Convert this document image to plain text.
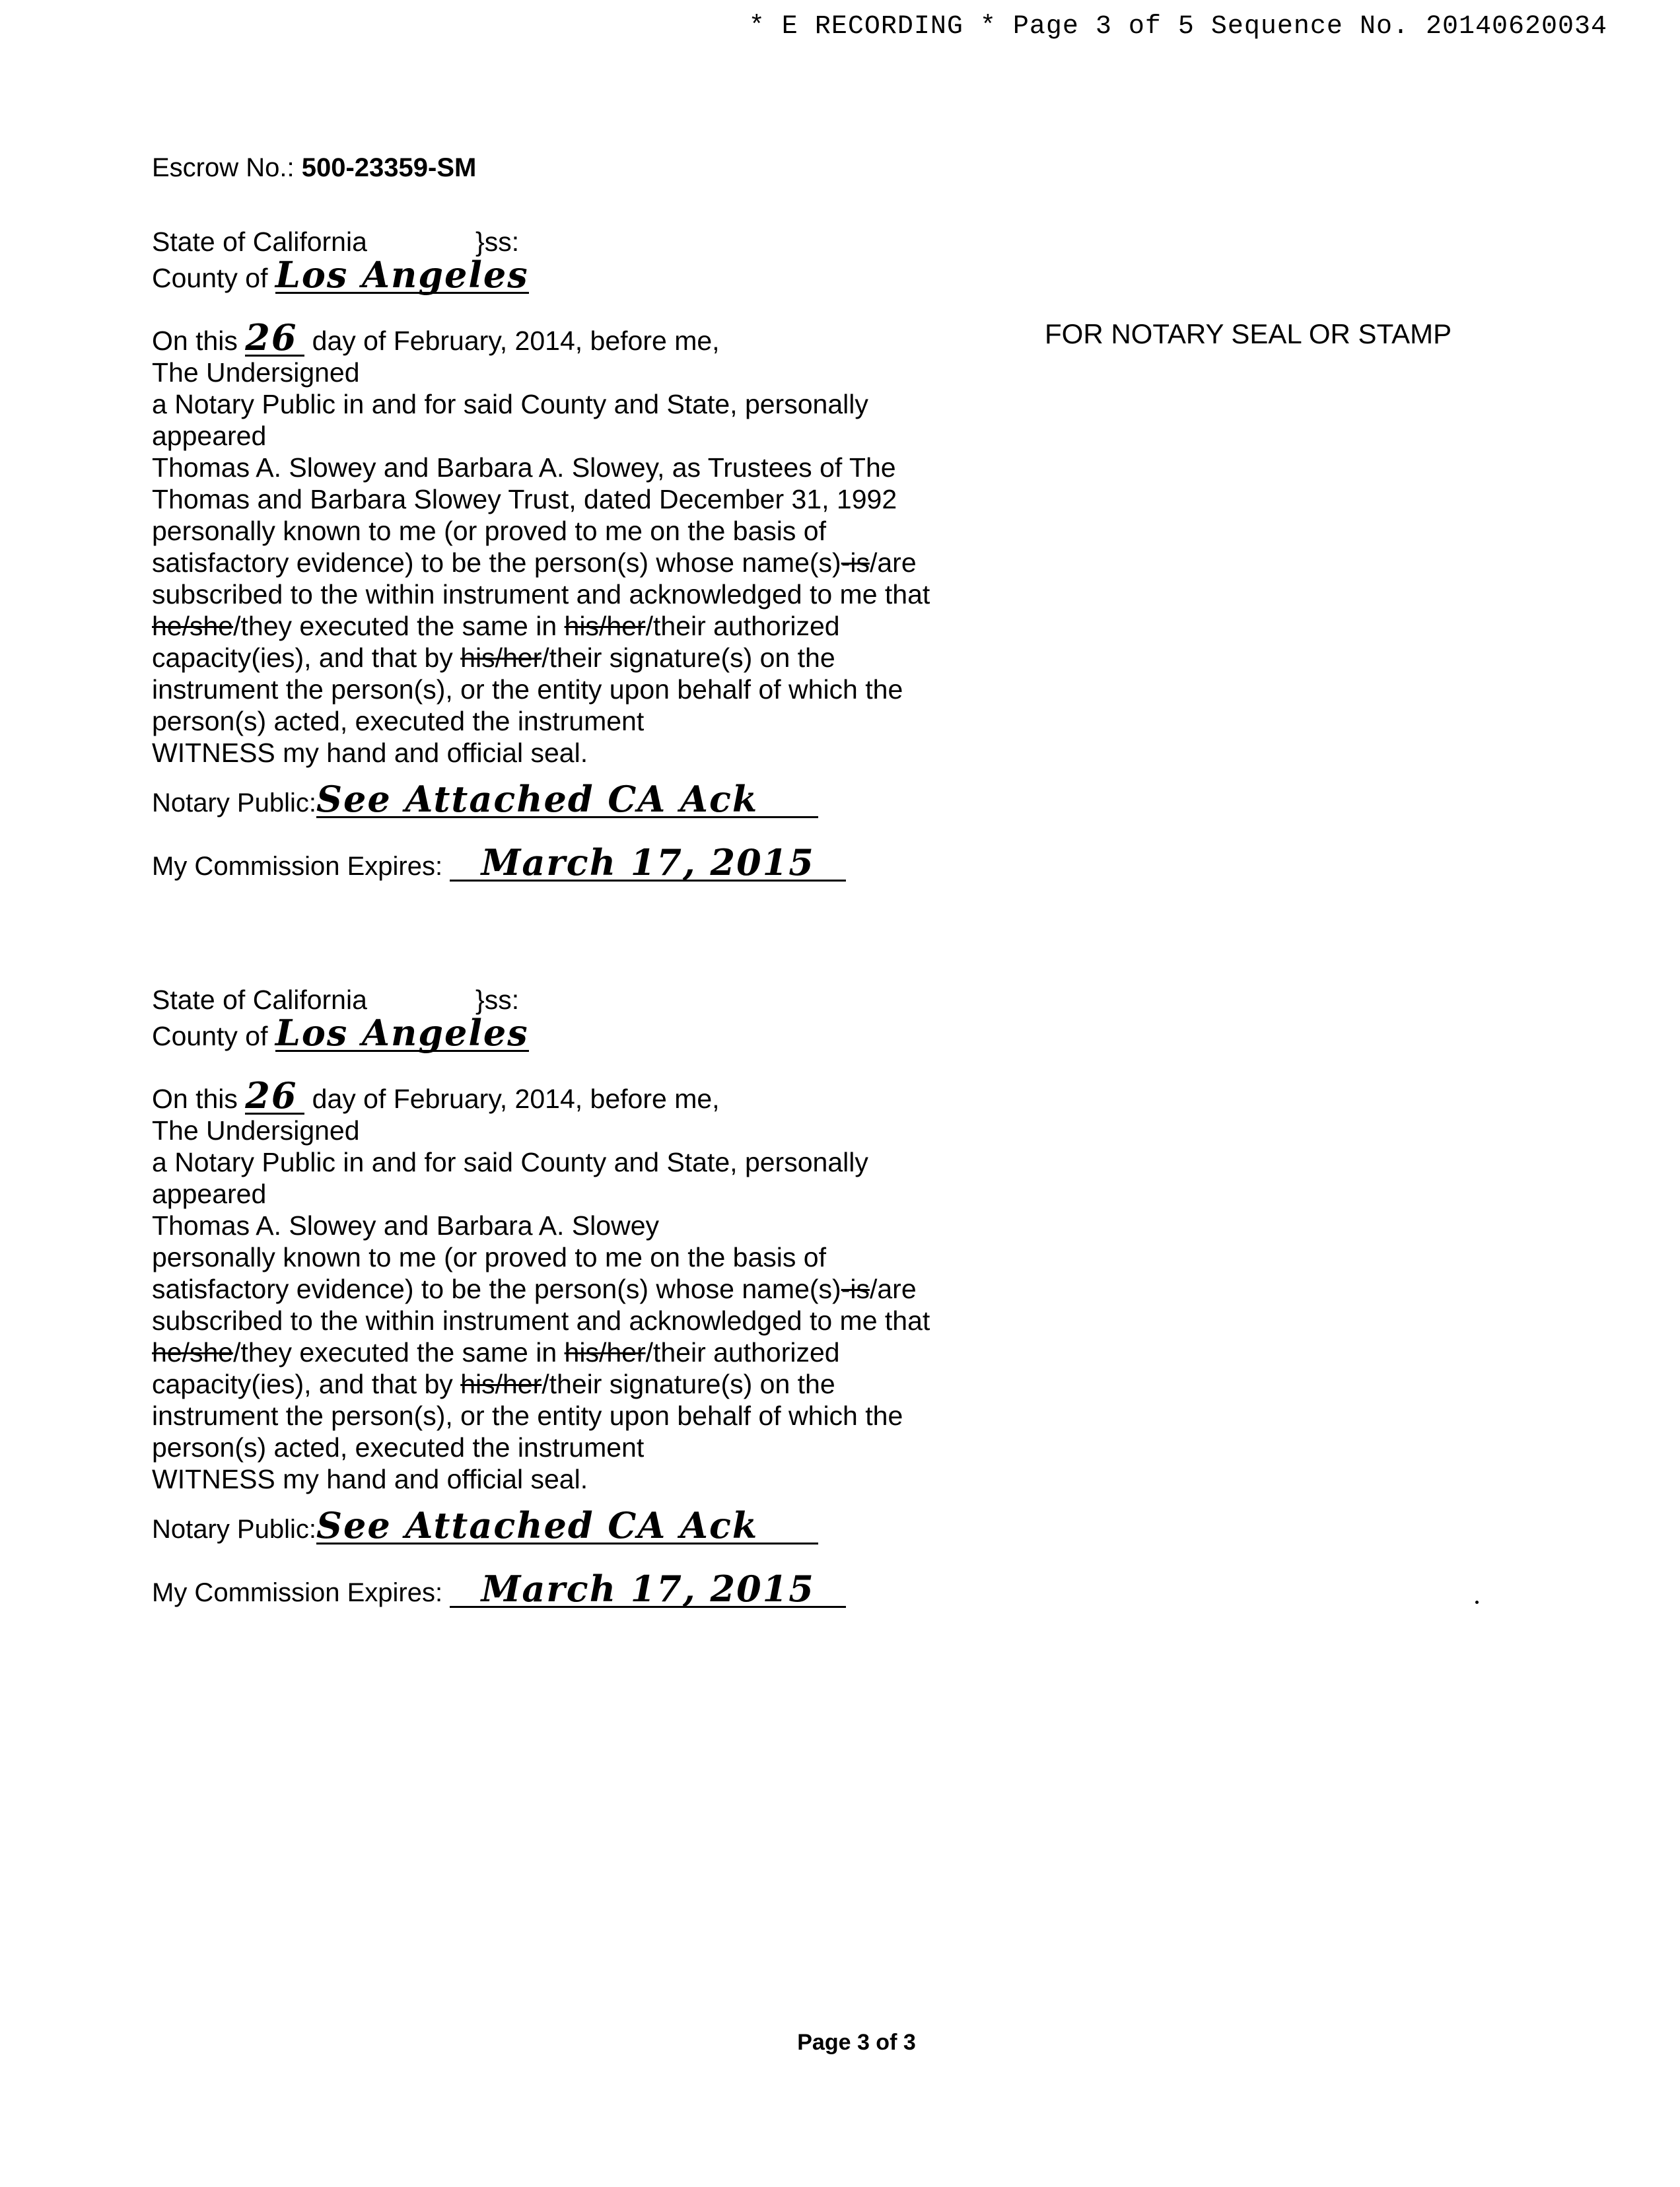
* E RECORDING * Page 3 of 5 Sequence No. 20140620034
Escrow No.: 500-23359-SM
FOR NOTARY SEAL OR STAMP

State of California	}ss:

County of Los Angeles

On this 26 day of February, 2014, before me,

The Undersigned

a Notary Public in and for said County and State, personally

appeared

Thomas A. Slowey and Barbara A. Slowey, as Trustees of The

Thomas and Barbara Slowey Trust, dated December 31, 1992

personally known to me (or proved to me on the basis of

satisfactory evidence) to be the person(s) whose name(s)-is/are

subscribed to the within instrument and acknowledged to me that

he/she/they executed the same in his/her/their authorized

capacity(ies), and that by his/her/their signature(s) on the

instrument the person(s), or the entity upon behalf of which the

person(s) acted, executed the instrument

WITNESS my hand and official seal.

Notary Public:See Attached CA Ack
My Commission Expires: March 17, 2015

State of California	}ss:

County of Los Angeles

On this 26 day of February, 2014, before me,

The Undersigned

a Notary Public in and for said County and State, personally

appeared

Thomas A. Slowey and Barbara A. Slowey

personally known to me (or proved to me on the basis of

satisfactory evidence) to be the person(s) whose name(s)-is/are

subscribed to the within instrument and acknowledged to me that

he/she/they executed the same in his/her/their authorized

capacity(ies), and that by his/her/their signature(s) on the

instrument the person(s), or the entity upon behalf of which the

person(s) acted, executed the instrument

WITNESS my hand and official seal.

Notary Public:See Attached CA Ack
My Commission Expires: March 17, 2015
Page 3 of 3
